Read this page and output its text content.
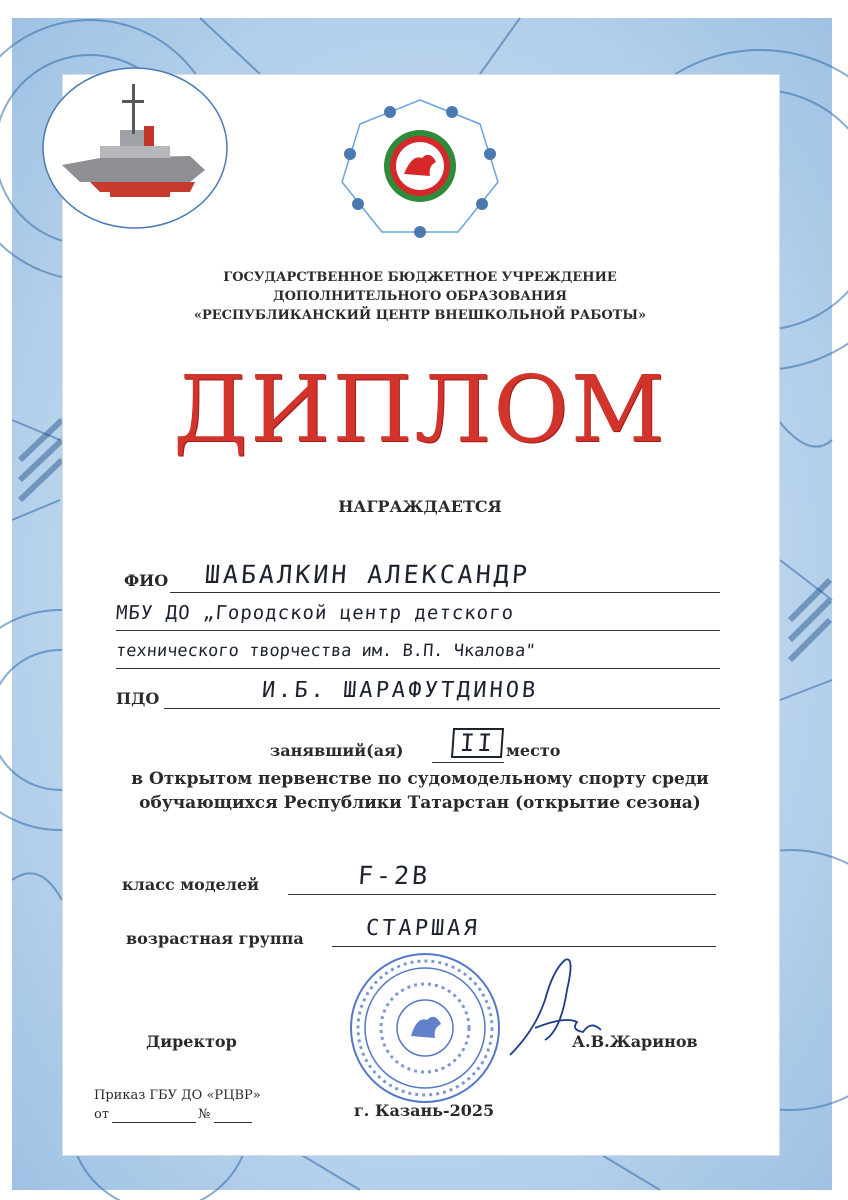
ГОСУДАРСТВЕННОЕ БЮДЖЕТНОЕ УЧРЕЖДЕНИЕ
ДОПОЛНИТЕЛЬНОГО ОБРАЗОВАНИЯ
«РЕСПУБЛИКАНСКИЙ ЦЕНТР ВНЕШКОЛЬНОЙ РАБОТЫ»
ДИПЛОМ
НАГРАЖДАЕТСЯ
ФИО ШАБАЛКИН АЛЕКСАНДР
МБУ ДО „Городской центр детского
технического творчества им. В.П. Чкалова"
ПДО	И.Б. ШАРАФУТДИНОВ
занявший(ая)	II место
в Открытом первенстве по судомодельному спорту среди
обучающихся Республики Татарстан (открытие сезона)
класс моделей	F-2B
возрастная группа	СТАРШАЯ
Директор	А.В.Жаринов
Приказ ГБУ ДО «РЦВР»
от	№	г. Казань-2025
